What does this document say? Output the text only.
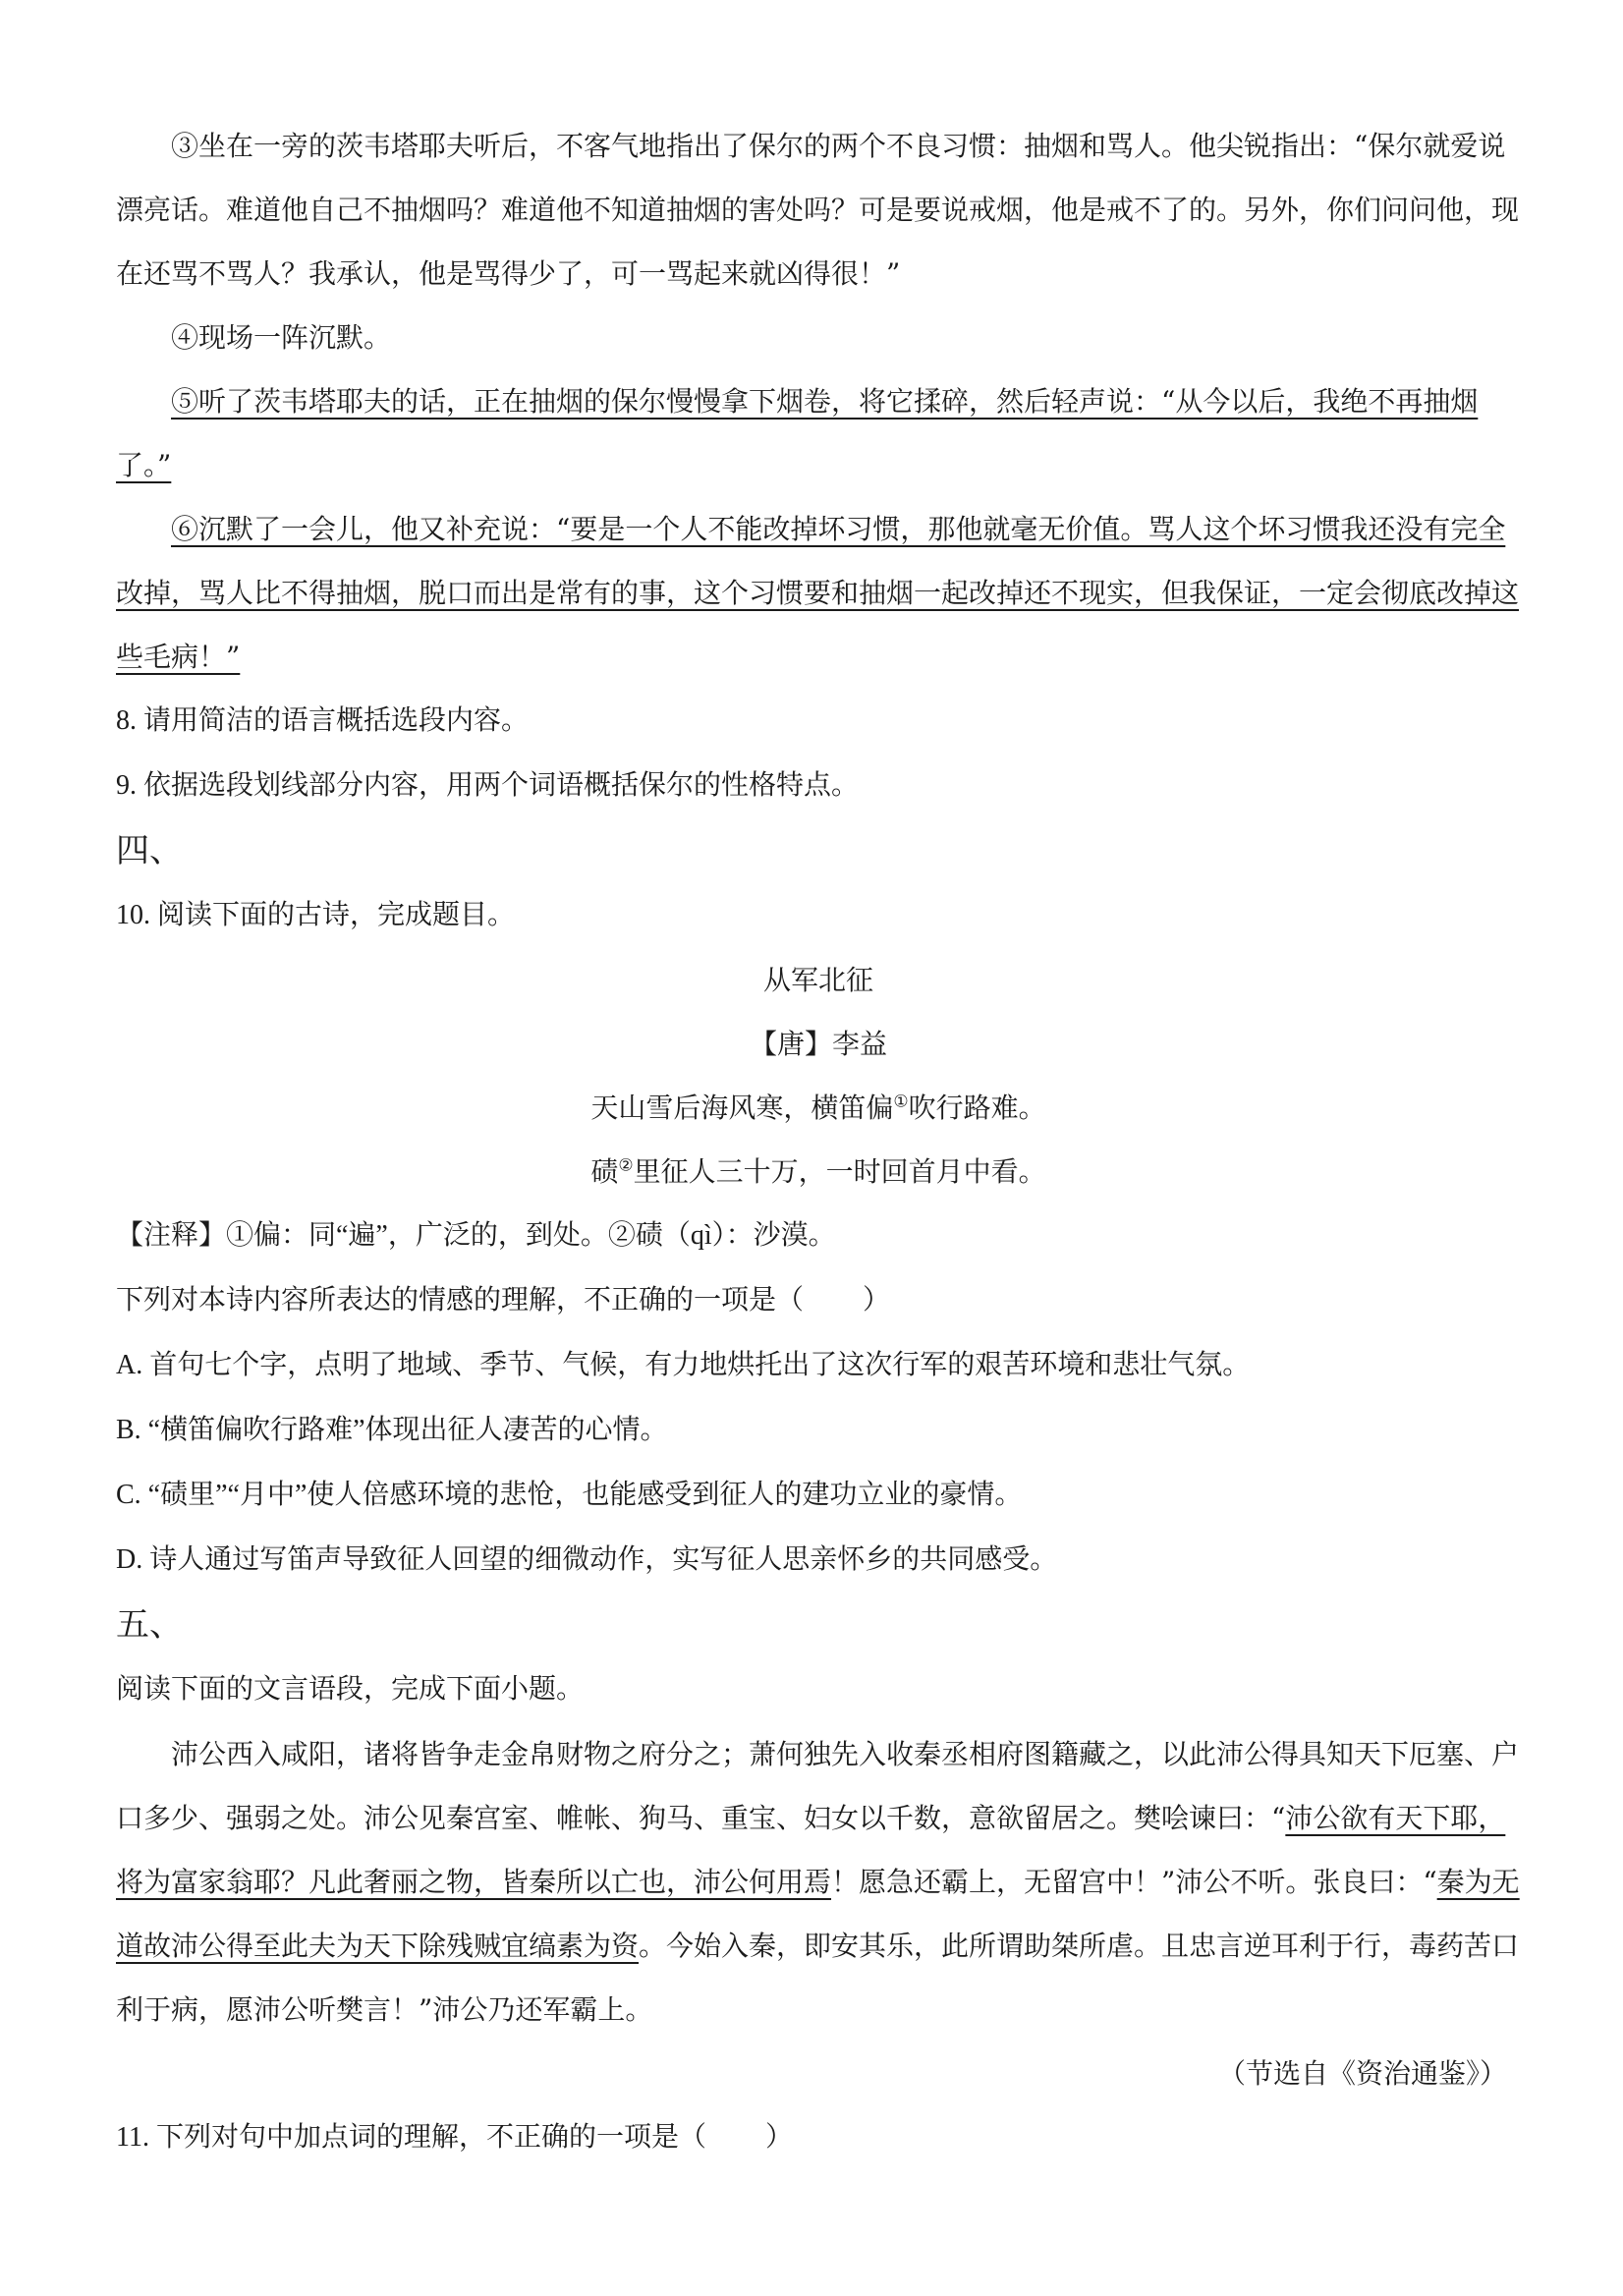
③坐在一旁的茨韦塔耶夫听后，不客气地指出了保尔的两个不良习惯：抽烟和骂人。他尖锐指出：“保尔就爱说漂亮话。难道他自己不抽烟吗？难道他不知道抽烟的害处吗？可是要说戒烟，他是戒不了的。另外，你们问问他，现在还骂不骂人？我承认，他是骂得少了，可一骂起来就凶得很！”

④现场一阵沉默。

⑤听了茨韦塔耶夫的话，正在抽烟的保尔慢慢拿下烟卷，将它揉碎，然后轻声说：“从今以后，我绝不再抽烟了。”

⑥沉默了一会儿，他又补充说：“要是一个人不能改掉坏习惯，那他就毫无价值。骂人这个坏习惯我还没有完全改掉，骂人比不得抽烟，脱口而出是常有的事，这个习惯要和抽烟一起改掉还不现实，但我保证，一定会彻底改掉这些毛病！”

8. 请用简洁的语言概括选段内容。

9. 依据选段划线部分内容，用两个词语概括保尔的性格特点。

四、

10. 阅读下面的古诗，完成题目。

从军北征

【唐】李益

天山雪后海风寒，横笛偏①吹行路难。

碛②里征人三十万，一时回首月中看。

【注释】①偏：同“遍”，广泛的，到处。②碛（qì）：沙漠。

下列对本诗内容所表达的情感的理解，不正确的一项是（ ）

A. 首句七个字，点明了地域、季节、气候，有力地烘托出了这次行军的艰苦环境和悲壮气氛。

B. “横笛偏吹行路难”体现出征人凄苦的心情。

C. “碛里”“月中”使人倍感环境的悲怆，也能感受到征人的建功立业的豪情。

D. 诗人通过写笛声导致征人回望的细微动作，实写征人思亲怀乡的共同感受。

五、

阅读下面的文言语段，完成下面小题。

沛公西入咸阳，诸将皆争走金帛财物之府分之；萧何独先入收秦丞相府图籍藏之，以此沛公得具知天下厄塞、户口多少、强弱之处。沛公见秦宫室、帷帐、狗马、重宝、妇女以千数，意欲留居之。樊哙谏曰：“沛公欲有天下耶，将为富家翁耶？凡此奢丽之物，皆秦所以亡也，沛公何用焉！愿急还霸上，无留宫中！”沛公不听。张良曰：“秦为无道故沛公得至此夫为天下除残贼宜缟素为资。今始入秦，即安其乐，此所谓助桀所虐。且忠言逆耳利于行，毒药苦口利于病，愿沛公听樊言！”沛公乃还军霸上。

（节选自《资治通鉴》）

11. 下列对句中加点词的理解，不正确的一项是（ ）
